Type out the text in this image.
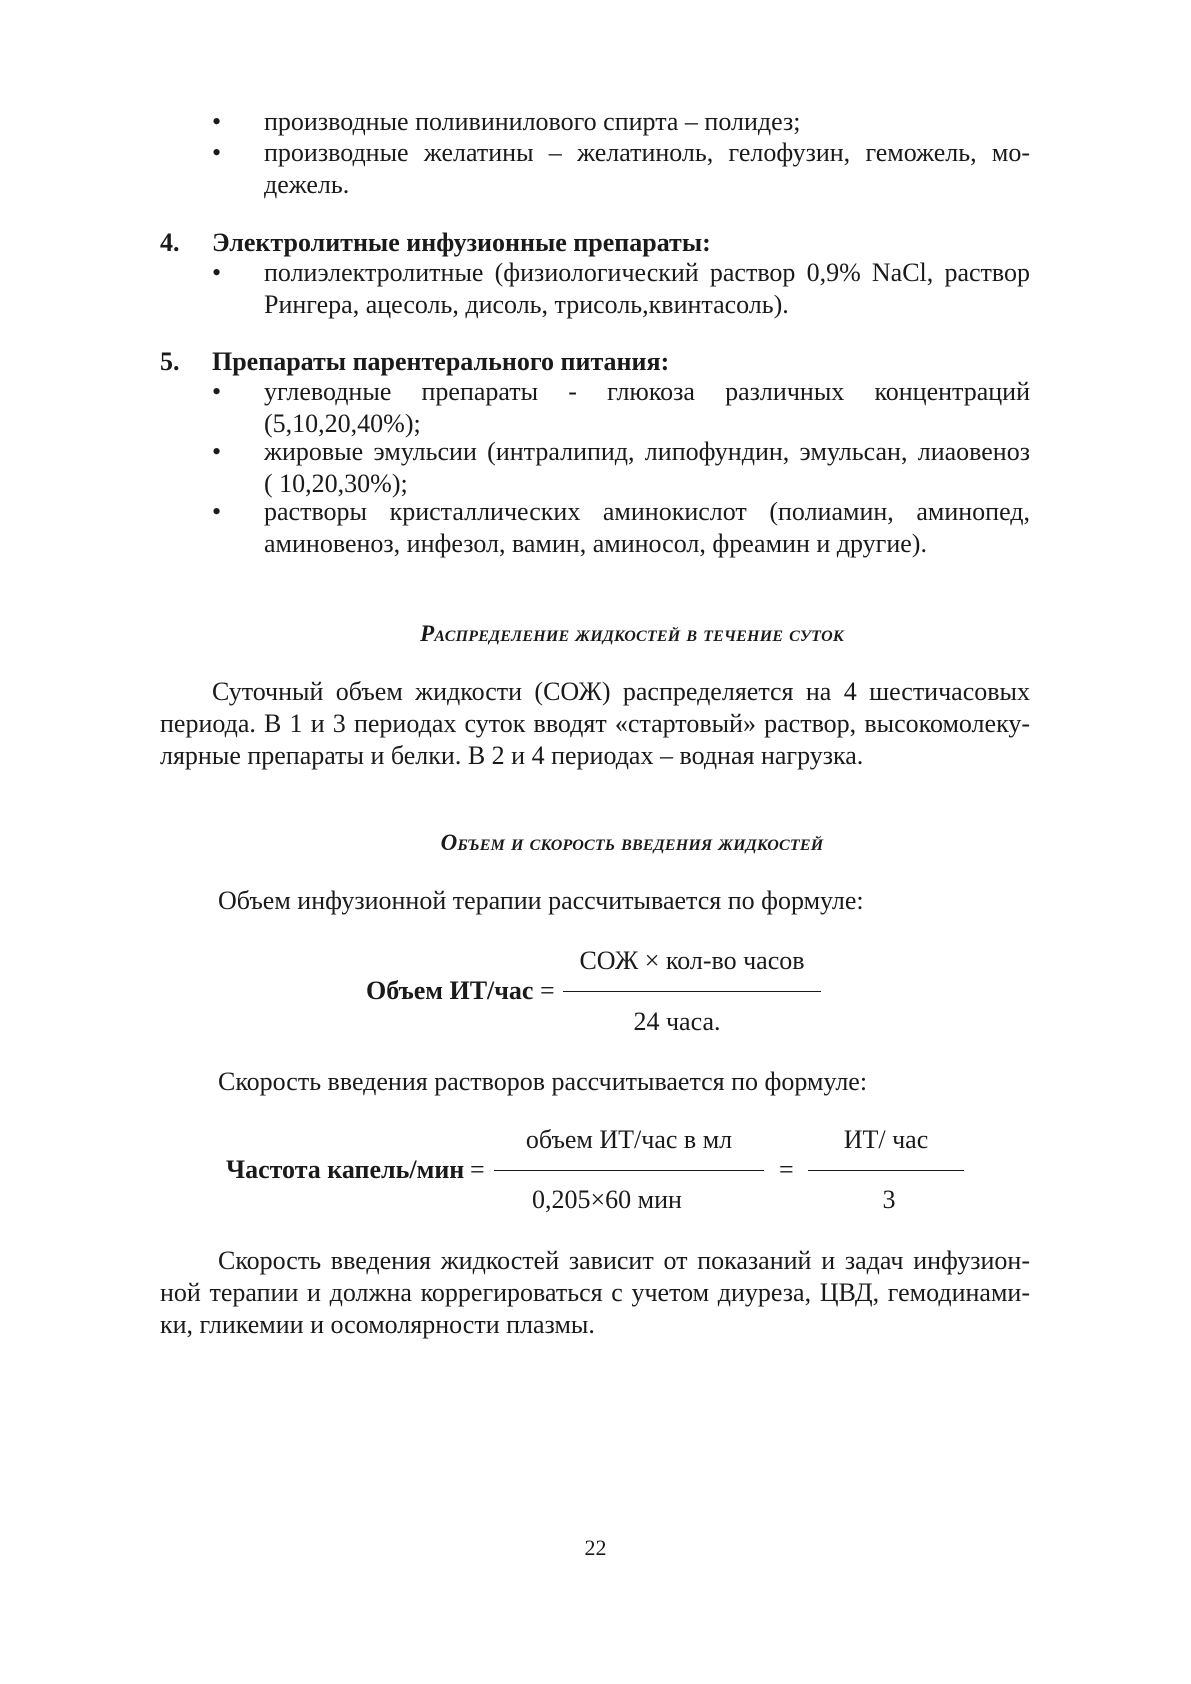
•	производные поливинилового спирта – полидез;
•	производные желатины – желатиноль, гелофузин, геможель, мо-
дежель.
4. Электролитные инфузионные препараты:
•	полиэлектролитные (физиологический раствор 0,9% NaCl, раствор
Рингера, ацесоль, дисоль, трисоль,квинтасоль).
5. Препараты парентерального питания:
•	углеводные препараты - глюкоза различных концентраций
(5,10,20,40%);
•	жировые эмульсии (интралипид, липофундин, эмульсан, лиаовеноз
( 10,20,30%);
•	растворы кристаллических аминокислот (полиамин, аминопед,
аминовеноз, инфезол, вамин, аминосол, фреамин и другие).
Распределение жидкостей в течение суток
Суточный объем жидкости (СОЖ) распределяется на 4 шестичасовых
периода. В 1 и 3 периодах суток вводят «стартовый» раствор, высокомолеку-
лярные препараты и белки. В 2 и 4 периодах – водная нагрузка.
Объем и скорость введения жидкостей
Объем инфузионной терапии рассчитывается по формуле:
СОЖ × кол-во часов
Объем ИТ/час =
24 часа.
Скорость введения растворов рассчитывается по формуле:
объем ИТ/час в мл	ИТ/ час
Частота капель/мин =	=
0,205×60 мин	3
Скорость введения жидкостей зависит от показаний и задач инфузион-
ной терапии и должна коррегироваться с учетом диуреза, ЦВД, гемодинами-
ки, гликемии и осомолярности плазмы.
22
